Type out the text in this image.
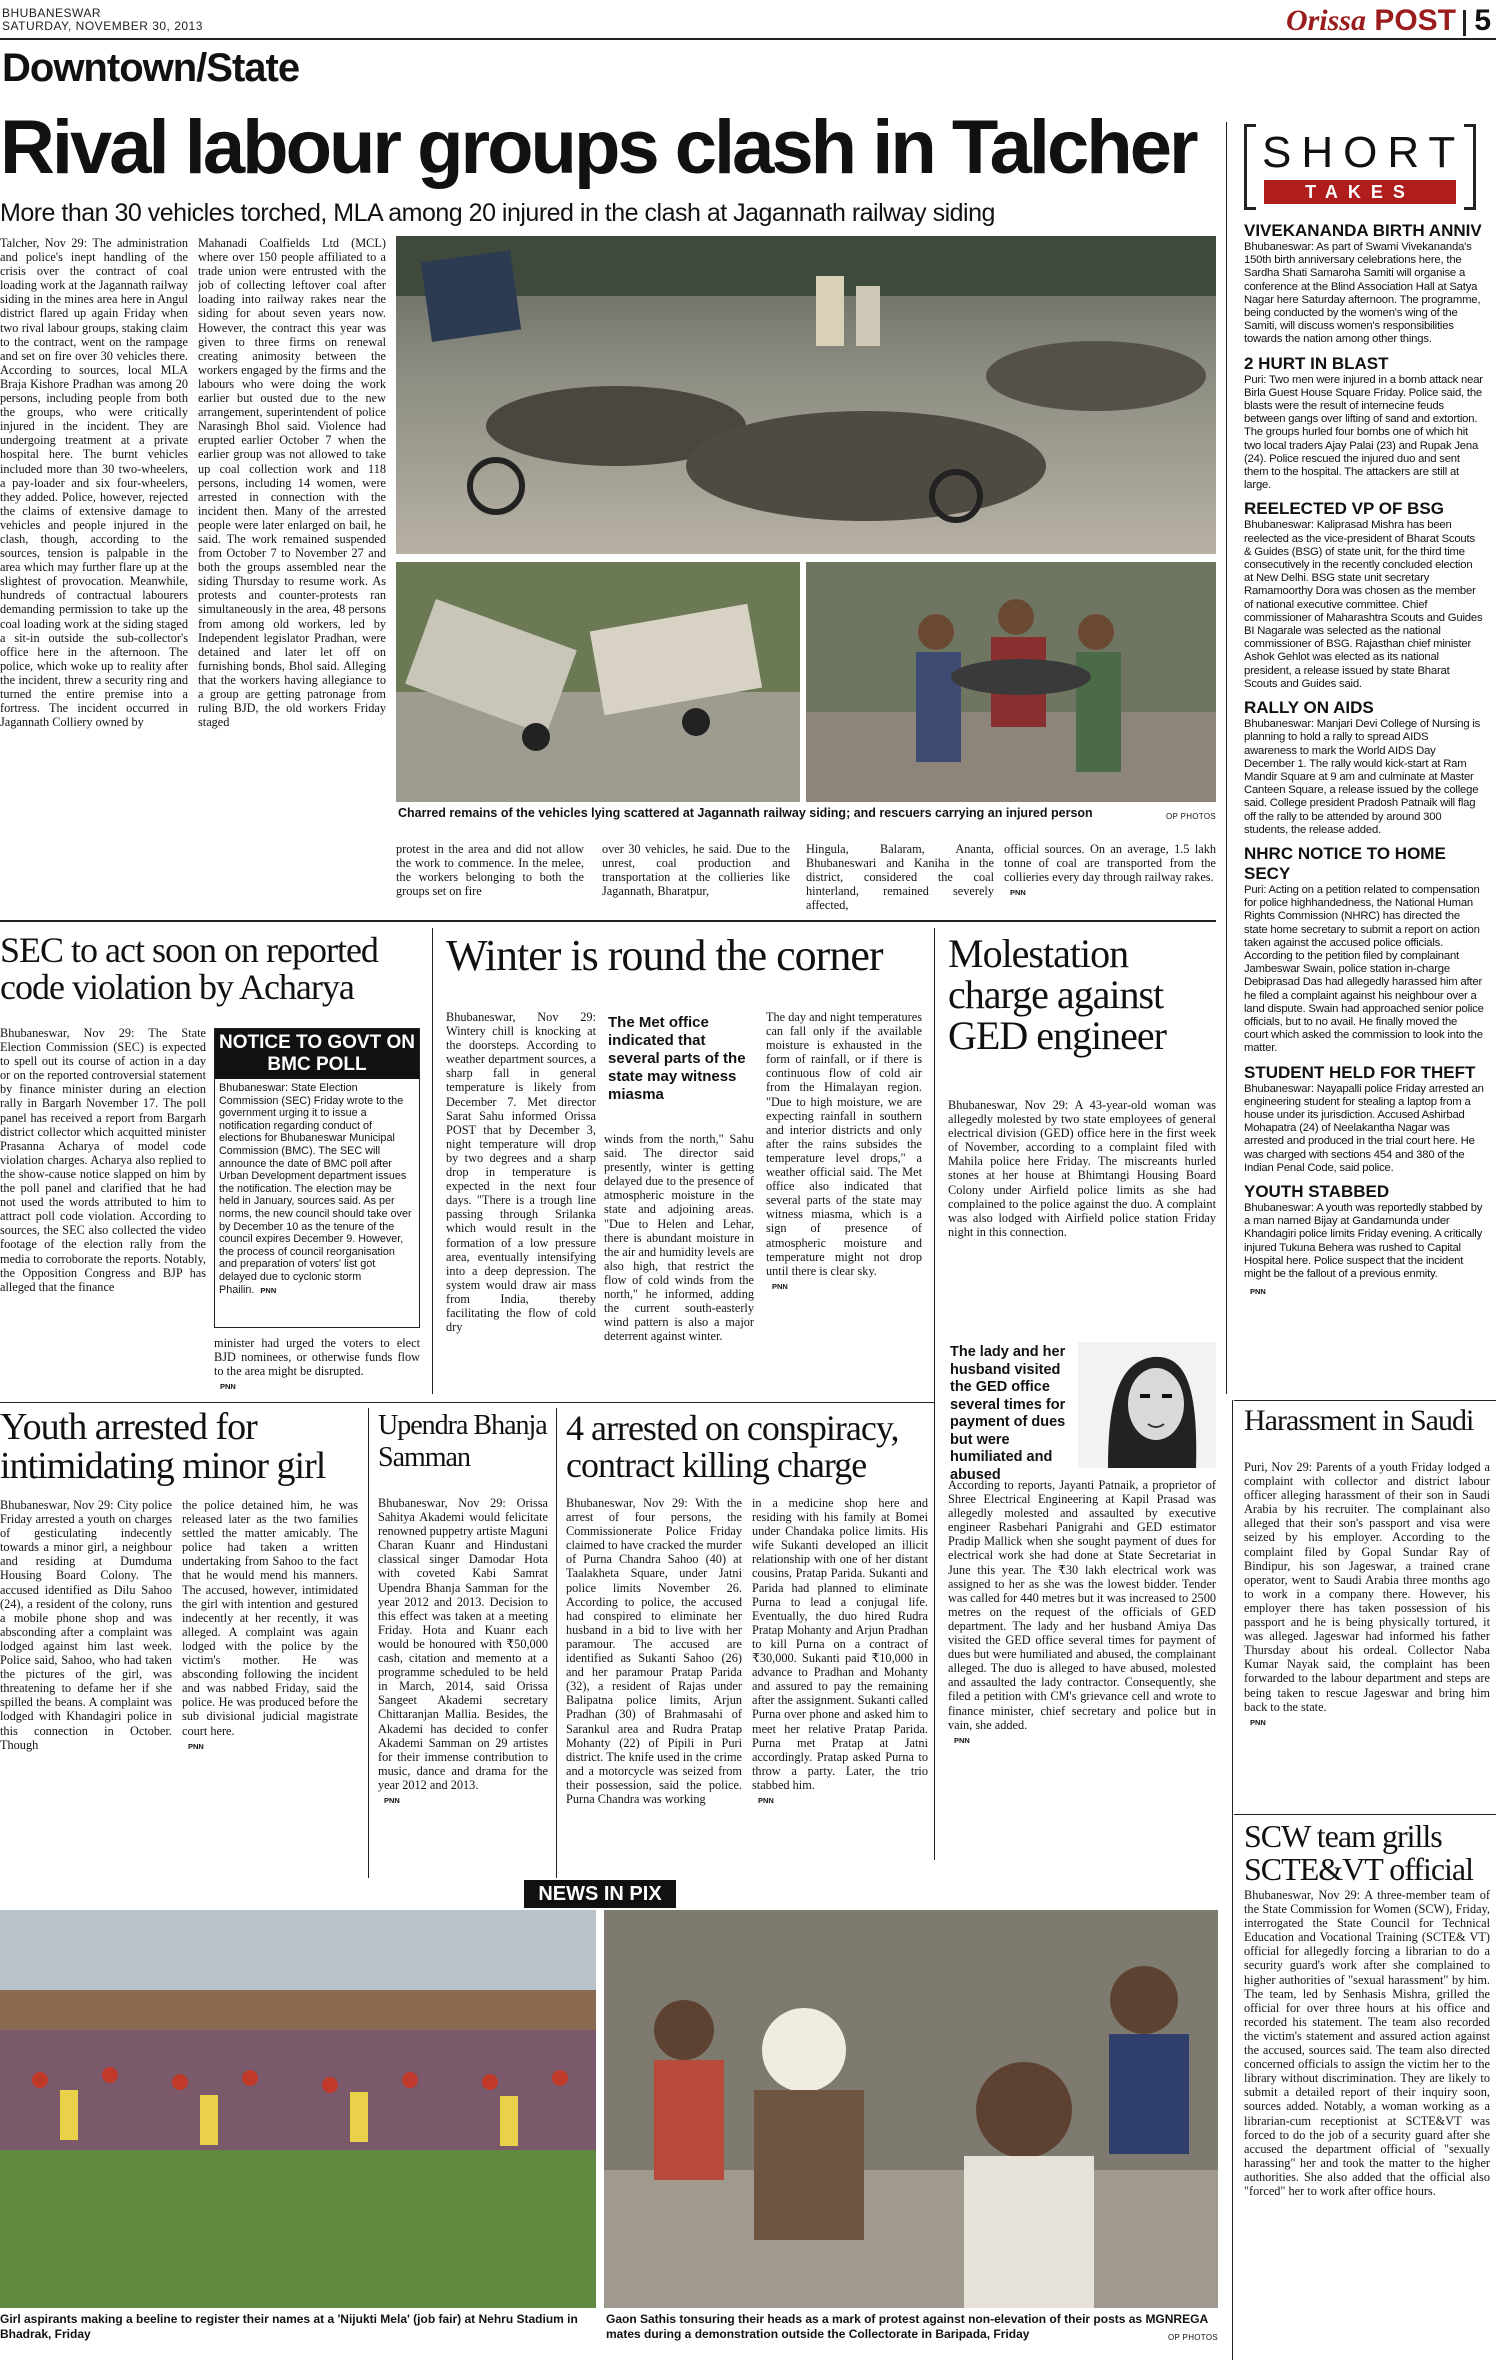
BHUBANESWAR
SATURDAY, NOVEMBER 30, 2013	Orissa POST 5
Downtown/State
Rival labour groups clash in Talcher
More than 30 vehicles torched, MLA among 20 injured in the clash at Jagannath railway siding

Talcher, Nov 29: The administration and police's inept handling of the crisis over the contract of coal loading work at the Jagannath railway siding in the mines area here in Angul district flared up again Friday when two rival labour groups, staking claim to the contract, went on the rampage and set on fire over 30 vehicles there. According to sources, local MLA Braja Kishore Pradhan was among 20 persons, including people from both the groups, who were critically injured in the incident. They are undergoing treatment at a private hospital here. The burnt vehicles included more than 30 two-wheelers, a pay-loader and six four-wheelers, they added. Police, however, rejected the claims of extensive damage to vehicles and people injured in the clash, though, according to the sources, tension is palpable in the area which may further flare up at the slightest of provocation. Meanwhile, hundreds of contractual labourers demanding permission to take up the coal loading work at the siding staged a sit-in outside the sub-collector's office here in the afternoon. The police, which woke up to reality after the incident, threw a security ring and turned the entire premise into a fortress. The incident occurred in Jagannath Colliery owned by

Mahanadi Coalfields Ltd (MCL) where over 150 people affiliated to a trade union were entrusted with the job of collecting leftover coal after loading into railway rakes near the siding for about seven years now. However, the contract this year was given to three firms on renewal creating animosity between the workers engaged by the firms and the labours who were doing the work earlier but ousted due to the new arrangement, superintendent of police Narasingh Bhol said. Violence had erupted earlier October 7 when the earlier group was not allowed to take up coal collection work and 118 persons, including 14 women, were arrested in connection with the incident then. Many of the arrested people were later enlarged on bail, he said. The work remained suspended from October 7 to November 27 and both the groups assembled near the siding Thursday to resume work. As protests and counter-protests ran simultaneously in the area, 48 persons from among old workers, led by Independent legislator Pradhan, were detained and later let off on furnishing bonds, Bhol said. Alleging that the workers having allegiance to a group are getting patronage from ruling BJD, the old workers Friday staged

Charred remains of the vehicles lying scattered at Jagannath railway siding; and rescuers carrying an injured person	OP PHOTOS

protest in the area and did not allow the work to commence. In the melee, the workers belonging to both the groups set on fire

over 30 vehicles, he said. Due to the unrest, coal production and transportation at the collieries like Jagannath, Bharatpur,

Hingula, Balaram, Ananta, Bhubaneswari and Kaniha in the district, considered the coal hinterland, remained severely affected,

official sources. On an average, 1.5 lakh tonne of coal are transported from the collieries every day through railway rakes.

PNN
SHORT
TAKES
VIVEKANANDA BIRTH ANNIV
Bhubaneswar: As part of Swami Vivekananda's 150th birth anniversary celebrations here, the Sardha Shati Samaroha Samiti will organise a conference at the Blind Association Hall at Satya Nagar here Saturday afternoon. The programme, being conducted by the women's wing of the Samiti, will discuss women's responsibilities towards the nation among other things.
2 HURT IN BLAST
Puri: Two men were injured in a bomb attack near Birla Guest House Square Friday. Police said, the blasts were the result of internecine feuds between gangs over lifting of sand and extortion. The groups hurled four bombs one of which hit two local traders Ajay Palai (23) and Rupak Jena (24). Police rescued the injured duo and sent them to the hospital. The attackers are still at large.
REELECTED VP OF BSG
Bhubaneswar: Kaliprasad Mishra has been reelected as the vice-president of Bharat Scouts & Guides (BSG) of state unit, for the third time consecutively in the recently concluded election at New Delhi. BSG state unit secretary Ramamoorthy Dora was chosen as the member of national executive committee. Chief commissioner of Maharashtra Scouts and Guides BI Nagarale was selected as the national commissioner of BSG. Rajasthan chief minister Ashok Gehlot was elected as its national president, a release issued by state Bharat Scouts and Guides said.
RALLY ON AIDS
Bhubaneswar: Manjari Devi College of Nursing is planning to hold a rally to spread AIDS awareness to mark the World AIDS Day December 1. The rally would kick-start at Ram Mandir Square at 9 am and culminate at Master Canteen Square, a release issued by the college said. College president Pradosh Patnaik will flag off the rally to be attended by around 300 students, the release added.
NHRC NOTICE TO HOME SECY
Puri: Acting on a petition related to compensation for police highhandedness, the National Human Rights Commission (NHRC) has directed the state home secretary to submit a report on action taken against the accused police officials. According to the petition filed by complainant Jambeswar Swain, police station in-charge Debiprasad Das had allegedly harassed him after he filed a complaint against his neighbour over a land dispute. Swain had approached senior police officials, but to no avail. He finally moved the court which asked the commission to look into the matter.
STUDENT HELD FOR THEFT
Bhubaneswar: Nayapalli police Friday arrested an engineering student for stealing a laptop from a house under its jurisdiction. Accused Ashirbad Mohapatra (24) of Neelakantha Nagar was arrested and produced in the trial court here. He was charged with sections 454 and 380 of the Indian Penal Code, said police.
YOUTH STABBED
Bhubaneswar: A youth was reportedly stabbed by a man named Bijay at Gandamunda under Khandagiri police limits Friday evening. A critically injured Tukuna Behera was rushed to Capital Hospital here. Police suspect that the incident might be the fallout of a previous enmity.
PNN
SEC to act soon on reported code violation by Acharya

Bhubaneswar, Nov 29: The State Election Commission (SEC) is expected to spell out its course of action in a day or on the reported controversial statement by finance minister during an election rally in Bargarh November 17. The poll panel has received a report from Bargarh district collector which acquitted minister Prasanna Acharya of model code violation charges. Acharya also replied to the show-cause notice slapped on him by the poll panel and clarified that he had not used the words attributed to him to attract poll code violation. According to sources, the SEC also collected the video footage of the election rally from the media to corroborate the reports. Notably, the Opposition Congress and BJP has alleged that the finance

NOTICE TO GOVT ON BMC POLL
Bhubaneswar: State Election Commission (SEC) Friday wrote to the government urging it to issue a notification regarding conduct of elections for Bhubaneswar Municipal Commission (BMC). The SEC will announce the date of BMC poll after Urban Development department issues the notification. The election may be held in January, sources said. As per norms, the new council should take over by December 10 as the tenure of the council expires December 9. However, the process of council reorganisation and preparation of voters' list got delayed due to cyclonic storm Phailin. PNN

minister had urged the voters to elect BJD nominees, or otherwise funds flow to the area might be disrupted.

PNN
Winter is round the corner

Bhubaneswar, Nov 29: Wintery chill is knocking at the doorsteps. According to weather department sources, a sharp fall in general temperature is likely from December 7. Met director Sarat Sahu informed Orissa POST that by December 3, night temperature will drop by two degrees and a sharp drop in temperature is expected in the next four days. "There is a trough line passing through Srilanka which would result in the formation of a low pressure area, eventually intensifying into a deep depression. The system would draw air mass from India, thereby facilitating the flow of cold dry

The Met office indicated that several parts of the state may witness miasma

winds from the north," Sahu said. The director said presently, winter is getting delayed due to the presence of atmospheric moisture in the state and adjoining areas. "Due to Helen and Lehar, there is abundant moisture in the air and humidity levels are also high, that restrict the flow of cold winds from the north," he informed, adding the current south-easterly wind pattern is also a major deterrent against winter.

The day and night temperatures can fall only if the available moisture is exhausted in the form of rainfall, or if there is continuous flow of cold air from the Himalayan region. "Due to high moisture, we are expecting rainfall in southern and interior districts and only after the rains subsides the temperature level drops," a weather official said. The Met office also indicated that several parts of the state may witness miasma, which is a sign of presence of atmospheric moisture and temperature might not drop until there is clear sky.

PNN
Molestation charge against GED engineer

Bhubaneswar, Nov 29: A 43-year-old woman was allegedly molested by two state employees of general electrical division (GED) office here in the first week of November, according to a complaint filed with Mahila police here Friday. The miscreants hurled stones at her house at Bhimtangi Housing Board Colony under Airfield police limits as she had complained to the police against the duo. A complaint was also lodged with Airfield police station Friday night in this connection.

The lady and her husband visited the GED office several times for payment of dues but were humiliated and abused

According to reports, Jayanti Patnaik, a proprietor of Shree Electrical Engineering at Kapil Prasad was allegedly molested and assaulted by executive engineer Rasbehari Panigrahi and GED estimator Pradip Mallick when she sought payment of dues for electrical work she had done at State Secretariat in June this year. The ₹30 lakh electrical work was assigned to her as she was the lowest bidder. Tender was called for 440 metres but it was increased to 2500 metres on the request of the officials of GED department. The lady and her husband Amiya Das visited the GED office several times for payment of dues but were humiliated and abused, the complainant alleged. The duo is alleged to have abused, molested and assaulted the lady contractor. Consequently, she filed a petition with CM's grievance cell and wrote to finance minister, chief secretary and police but in vain, she added.

PNN
Youth arrested for intimidating minor girl

Bhubaneswar, Nov 29: City police Friday arrested a youth on charges of gesticulating indecently towards a minor girl, a neighbour and residing at Dumduma Housing Board Colony. The accused identified as Dilu Sahoo (24), a resident of the colony, runs a mobile phone shop and was absconding after a complaint was lodged against him last week. Police said, Sahoo, who had taken the pictures of the girl, was threatening to defame her if she spilled the beans. A complaint was lodged with Khandagiri police in this connection in October. Though

the police detained him, he was released later as the two families settled the matter amicably. The police had taken a written undertaking from Sahoo to the fact that he would mend his manners. The accused, however, intimidated the girl with intention and gestured indecently at her recently, it was alleged. A complaint was again lodged with the police by the victim's mother. He was absconding following the incident and was nabbed Friday, said the police. He was produced before the sub divisional judicial magistrate court here.

PNN
Upendra Bhanja Samman

Bhubaneswar, Nov 29: Orissa Sahitya Akademi would felicitate renowned puppetry artiste Maguni Charan Kuanr and Hindustani classical singer Damodar Hota with coveted Kabi Samrat Upendra Bhanja Samman for the year 2012 and 2013. Decision to this effect was taken at a meeting Friday. Hota and Kuanr each would be honoured with ₹50,000 cash, citation and memento at a programme scheduled to be held in March, 2014, said Orissa Sangeet Akademi secretary Chittaranjan Mallia. Besides, the Akademi has decided to confer Akademi Samman on 29 artistes for their immense contribution to music, dance and drama for the year 2012 and 2013.

PNN
4 arrested on conspiracy, contract killing charge

Bhubaneswar, Nov 29: With the arrest of four persons, the Commissionerate Police Friday claimed to have cracked the murder of Purna Chandra Sahoo (40) at Taalakheta Square, under Jatni police limits November 26. According to police, the accused had conspired to eliminate her husband in a bid to live with her paramour. The accused are identified as Sukanti Sahoo (26) and her paramour Pratap Parida (32), a resident of Rajas under Balipatna police limits, Arjun Pradhan (30) of Brahmasahi of Sarankul area and Rudra Pratap Mohanty (22) of Pipili in Puri district. The knife used in the crime and a motorcycle was seized from their possession, said the police. Purna Chandra was working

in a medicine shop here and residing with his family at Bomei under Chandaka police limits. His wife Sukanti developed an illicit relationship with one of her distant cousins, Pratap Parida. Sukanti and Parida had planned to eliminate Purna to lead a conjugal life. Eventually, the duo hired Rudra Pratap Mohanty and Arjun Pradhan to kill Purna on a contract of ₹30,000. Sukanti paid ₹10,000 in advance to Pradhan and Mohanty and assured to pay the remaining after the assignment. Sukanti called Purna over phone and asked him to meet her relative Pratap Parida. Purna met Pratap at Jatni accordingly. Pratap asked Purna to throw a party. Later, the trio stabbed him.

PNN
Harassment in Saudi

Puri, Nov 29: Parents of a youth Friday lodged a complaint with collector and district labour officer alleging harassment of their son in Saudi Arabia by his recruiter. The complainant also alleged that their son's passport and visa were seized by his employer. According to the complaint filed by Gopal Sundar Ray of Bindipur, his son Jageswar, a trained crane operator, went to Saudi Arabia three months ago to work in a company there. However, his employer there has taken possession of his passport and he is being physically tortured, it was alleged. Jageswar had informed his father Thursday about his ordeal. Collector Naba Kumar Nayak said, the complaint has been forwarded to the labour department and steps are being taken to rescue Jageswar and bring him back to the state.

PNN
SCW team grills SCTE&VT official

Bhubaneswar, Nov 29: A three-member team of the State Commission for Women (SCW), Friday, interrogated the State Council for Technical Education and Vocational Training (SCTE& VT) official for allegedly forcing a librarian to do a security guard's work after she complained to higher authorities of "sexual harassment" by him. The team, led by Senhasis Mishra, grilled the official for over three hours at his office and recorded his statement. The team also recorded the victim's statement and assured action against the accused, sources said. The team also directed concerned officials to assign the victim her to the library without discrimination. They are likely to submit a detailed report of their inquiry soon, sources added. Notably, a woman working as a librarian-cum receptionist at SCTE&VT was forced to do the job of a security guard after she accused the department official of "sexually harassing" her and took the matter to the higher authorities. She also added that the official also "forced" her to work after office hours.

NEWS IN PIX
Girl aspirants making a beeline to register their names at a 'Nijukti Mela' (job fair) at Nehru Stadium in Bhadrak, Friday
Gaon Sathis tonsuring their heads as a mark of protest against non-elevation of their posts as MGNREGA mates during a demonstration outside the Collectorate in Baripada, Friday	OP PHOTOS
